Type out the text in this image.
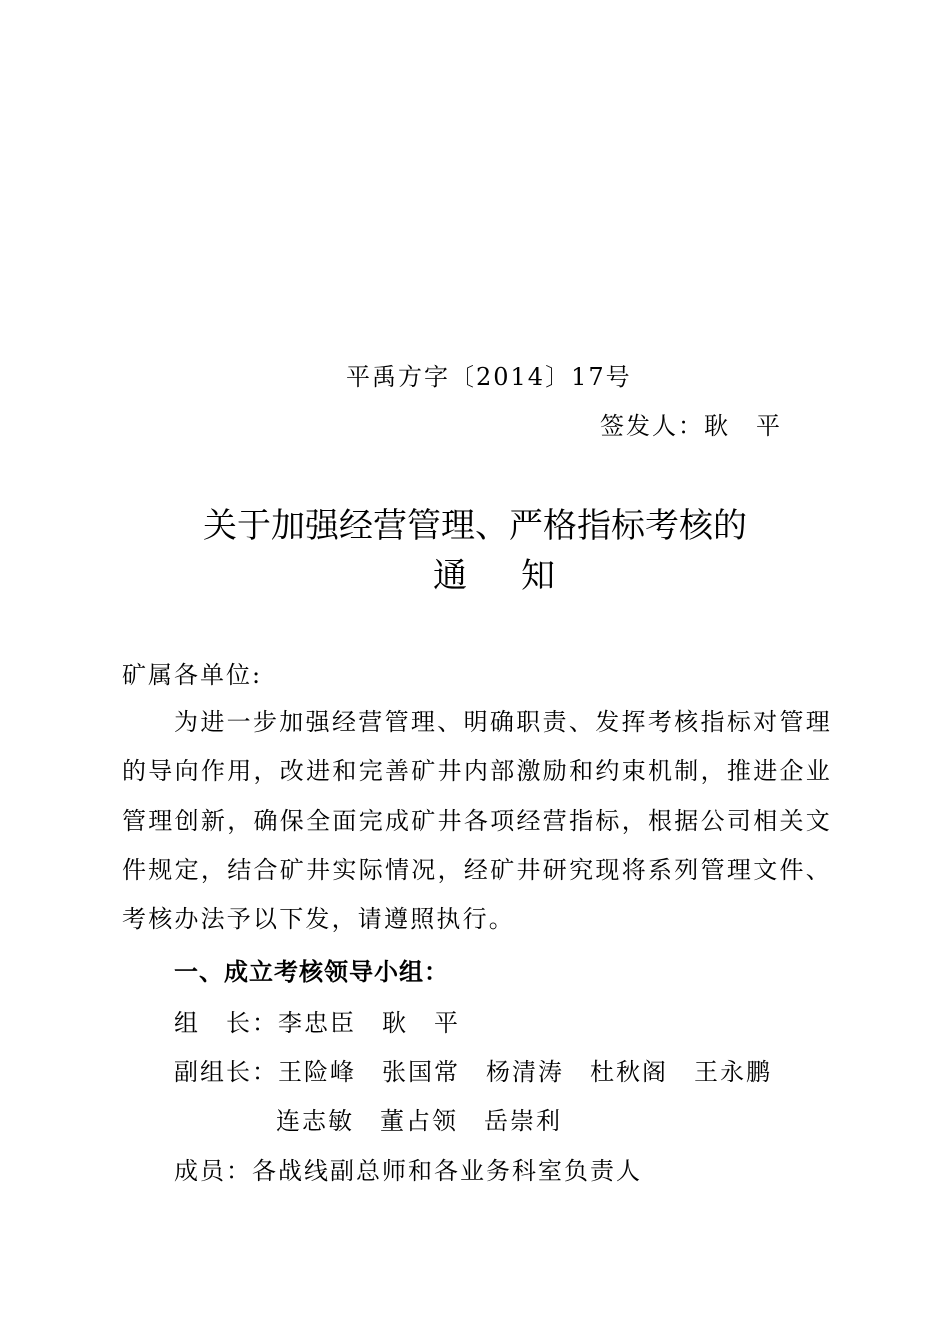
平禹方字〔2014〕17号
签发人：耿　平
关于加强经营管理、严格指标考核的
通 知
矿属各单位:
为进一步加强经营管理、明确职责、发挥考核指标对管理的导向作用，改进和完善矿井内部激励和约束机制，推进企业管理创新，确保全面完成矿井各项经营指标，根据公司相关文件规定，结合矿井实际情况，经矿井研究现将系列管理文件、考核办法予以下发，请遵照执行。
一、成立考核领导小组：
组　长：李忠臣 耿　平
副组长：王险峰 张国常 杨清涛 杜秋阁 王永鹏
连志敏 董占领 岳崇利
成员：各战线副总师和各业务科室负责人
